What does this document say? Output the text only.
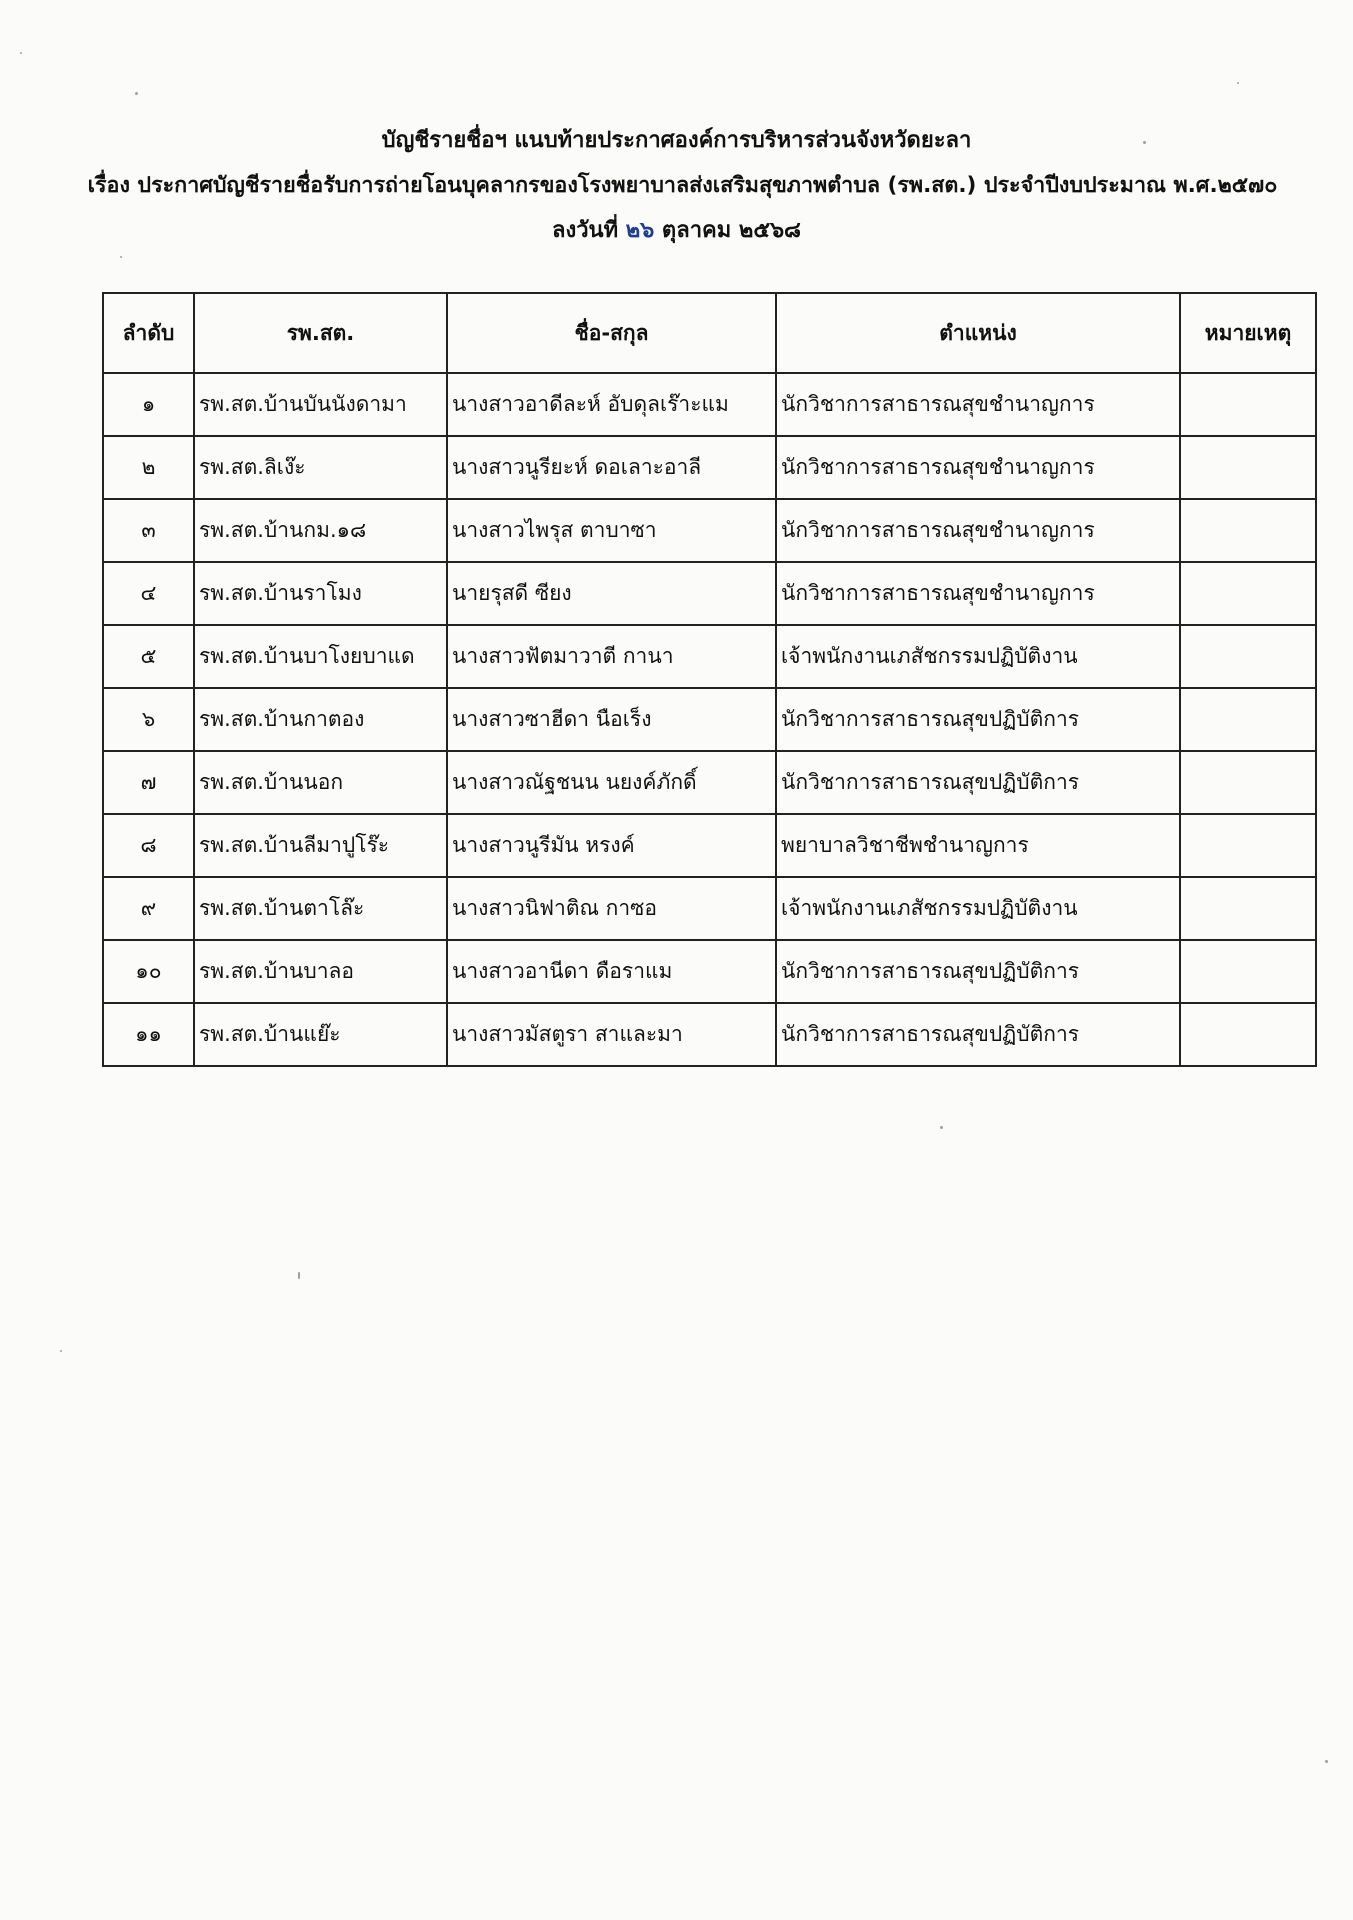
บัญชีรายชื่อฯ แนบท้ายประกาศองค์การบริหารส่วนจังหวัดยะลา
เรื่อง ประกาศบัญชีรายชื่อรับการถ่ายโอนบุคลากรของโรงพยาบาลส่งเสริมสุขภาพตำบล (รพ.สต.) ประจำปีงบประมาณ พ.ศ.๒๕๗๐
ลงวันที่ ๒๖ ตุลาคม ๒๕๖๘
ลำดับ	รพ.สต.	ชื่อ-สกุล	ตำแหน่ง	หมายเหตุ
๑	รพ.สต.บ้านบันนังดามา	นางสาวอาดีละห์ อับดุลเร๊าะแม	นักวิชาการสาธารณสุขชำนาญการ	
๒	รพ.สต.ลิเง๊ะ	นางสาวนูรียะห์ ดอเลาะอาลี	นักวิชาการสาธารณสุขชำนาญการ	
๓	รพ.สต.บ้านกม.๑๘	นางสาวไพรุส ตาบาซา	นักวิชาการสาธารณสุขชำนาญการ	
๔	รพ.สต.บ้านราโมง	นายรุสดี ซียง	นักวิชาการสาธารณสุขชำนาญการ	
๕	รพ.สต.บ้านบาโงยบาแด	นางสาวฟัตมาวาตี กานา	เจ้าพนักงานเภสัชกรรมปฏิบัติงาน	
๖	รพ.สต.บ้านกาตอง	นางสาวซาฮีดา นือเร็ง	นักวิชาการสาธารณสุขปฏิบัติการ	
๗	รพ.สต.บ้านนอก	นางสาวณัฐชนน นยงค์ภักดิ์	นักวิชาการสาธารณสุขปฏิบัติการ	
๘	รพ.สต.บ้านลีมาปูโร๊ะ	นางสาวนูรีมัน หรงค์	พยาบาลวิชาชีพชำนาญการ	
๙	รพ.สต.บ้านตาโล๊ะ	นางสาวนิฟาติณ กาซอ	เจ้าพนักงานเภสัชกรรมปฏิบัติงาน	
๑๐	รพ.สต.บ้านบาลอ	นางสาวอานีดา ดือราแม	นักวิชาการสาธารณสุขปฏิบัติการ	
๑๑	รพ.สต.บ้านแย๊ะ	นางสาวมัสตูรา สาและมา	นักวิชาการสาธารณสุขปฏิบัติการ	
